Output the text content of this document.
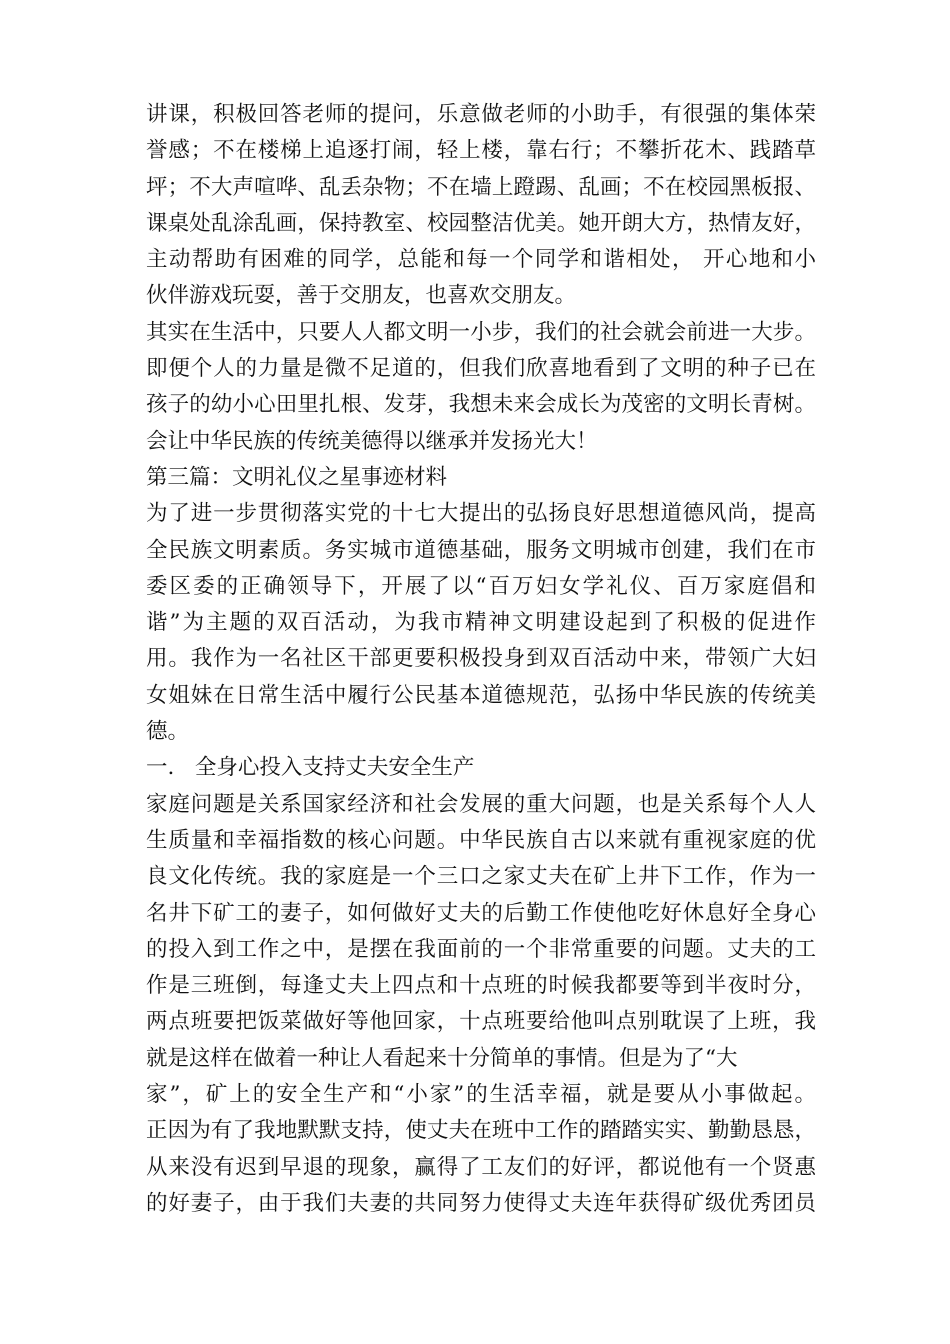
讲课，积极回答老师的提问，乐意做老师的小助手，有很强的集体荣
誉感；不在楼梯上追逐打闹，轻上楼，靠右行；不攀折花木、践踏草
坪；不大声喧哗、乱丢杂物；不在墙上蹬踢、乱画；不在校园黑板报、
课桌处乱涂乱画，保持教室、校园整洁优美。她开朗大方，热情友好，
主动帮助有困难的同学，总能和每一个同学和谐相处， 开心地和小
伙伴游戏玩耍，善于交朋友，也喜欢交朋友。
其实在生活中，只要人人都文明一小步，我们的社会就会前进一大步。
即便个人的力量是微不足道的，但我们欣喜地看到了文明的种子已在
孩子的幼小心田里扎根、发芽，我想未来会成长为茂密的文明长青树。
会让中华民族的传统美德得以继承并发扬光大！
第三篇：文明礼仪之星事迹材料
为了进一步贯彻落实党的十七大提出的弘扬良好思想道德风尚，提高
全民族文明素质。务实城市道德基础，服务文明城市创建，我们在市
委区委的正确领导下，开展了以“百万妇女学礼仪、百万家庭倡和
谐”为主题的双百活动，为我市精神文明建设起到了积极的促进作
用。我作为一名社区干部更要积极投身到双百活动中来，带领广大妇
女姐妹在日常生活中履行公民基本道德规范，弘扬中华民族的传统美
德。
一.   全身心投入支持丈夫安全生产
家庭问题是关系国家经济和社会发展的重大问题，也是关系每个人人
生质量和幸福指数的核心问题。中华民族自古以来就有重视家庭的优
良文化传统。我的家庭是一个三口之家丈夫在矿上井下工作，作为一
名井下矿工的妻子，如何做好丈夫的后勤工作使他吃好休息好全身心
的投入到工作之中，是摆在我面前的一个非常重要的问题。丈夫的工
作是三班倒，每逢丈夫上四点和十点班的时候我都要等到半夜时分，
两点班要把饭菜做好等他回家，十点班要给他叫点别耽误了上班，我
就是这样在做着一种让人看起来十分简单的事情。但是为了“大
家”，矿上的安全生产和“小家”的生活幸福，就是要从小事做起。
正因为有了我地默默支持，使丈夫在班中工作的踏踏实实、勤勤恳恳，
从来没有迟到早退的现象，赢得了工友们的好评，都说他有一个贤惠
的好妻子，由于我们夫妻的共同努力使得丈夫连年获得矿级优秀团员
